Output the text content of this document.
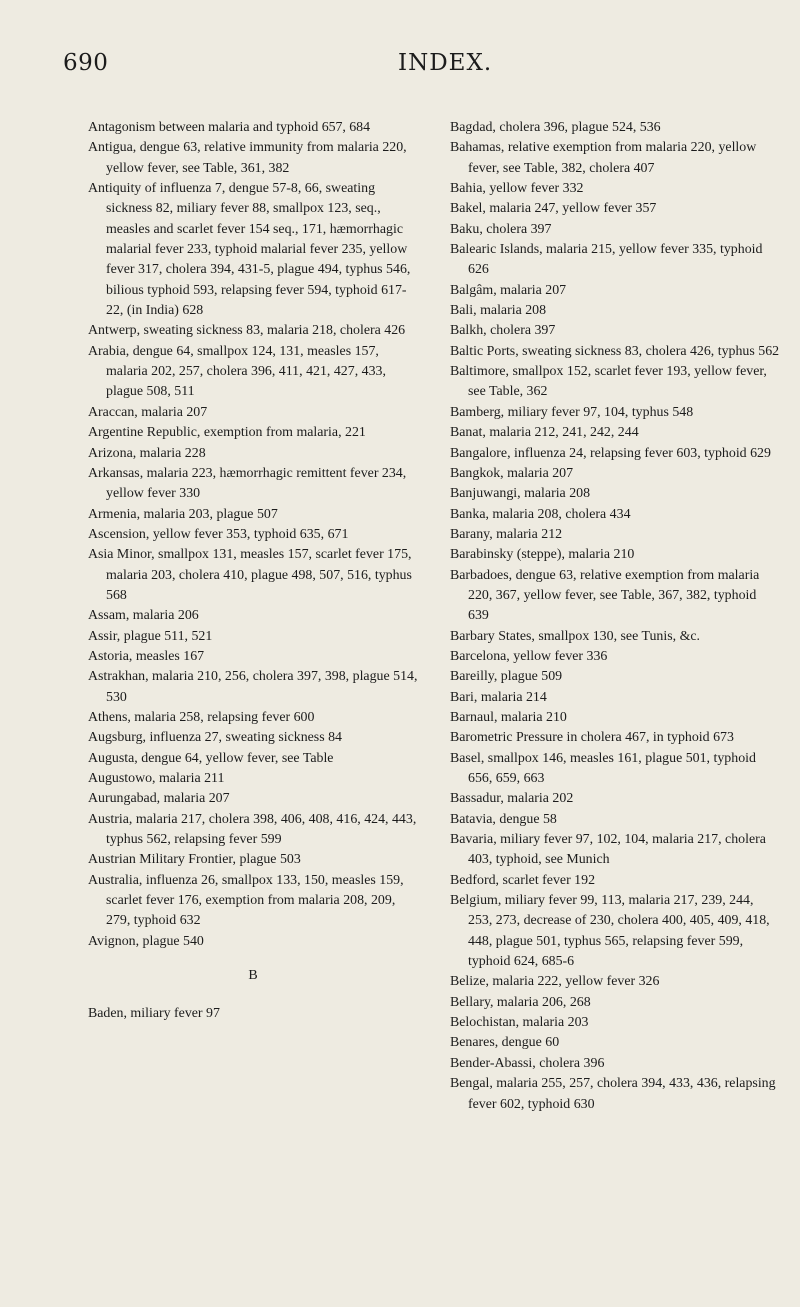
690	INDEX.

Antagonism between malaria and typhoid 657, 684

Antigua, dengue 63, relative immunity from malaria 220, yellow fever, see Table, 361, 382

Antiquity of influenza 7, dengue 57-8, 66, sweating sickness 82, miliary fever 88, smallpox 123, seq., measles and scarlet fever 154 seq., 171, hæmorrhagic malarial fever 233, typhoid malarial fever 235, yellow fever 317, cholera 394, 431-5, plague 494, typhus 546, bilious typhoid 593, relapsing fever 594, typhoid 617-22, (in India) 628

Antwerp, sweating sickness 83, malaria 218, cholera 426

Arabia, dengue 64, smallpox 124, 131, measles 157, malaria 202, 257, cholera 396, 411, 421, 427, 433, plague 508, 511

Araccan, malaria 207

Argentine Republic, exemption from malaria, 221

Arizona, malaria 228

Arkansas, malaria 223, hæmorrhagic remittent fever 234, yellow fever 330

Armenia, malaria 203, plague 507

Ascension, yellow fever 353, typhoid 635, 671

Asia Minor, smallpox 131, measles 157, scarlet fever 175, malaria 203, cholera 410, plague 498, 507, 516, typhus 568

Assam, malaria 206

Assir, plague 511, 521

Astoria, measles 167

Astrakhan, malaria 210, 256, cholera 397, 398, plague 514, 530

Athens, malaria 258, relapsing fever 600

Augsburg, influenza 27, sweating sickness 84

Augusta, dengue 64, yellow fever, see Table

Augustowo, malaria 211

Aurungabad, malaria 207

Austria, malaria 217, cholera 398, 406, 408, 416, 424, 443, typhus 562, relapsing fever 599

Austrian Military Frontier, plague 503

Australia, influenza 26, smallpox 133, 150, measles 159, scarlet fever 176, exemption from malaria 208, 209, 279, typhoid 632

Avignon, plague 540

B

Baden, miliary fever 97

Bagdad, cholera 396, plague 524, 536

Bahamas, relative exemption from malaria 220, yellow fever, see Table, 382, cholera 407

Bahia, yellow fever 332

Bakel, malaria 247, yellow fever 357

Baku, cholera 397

Balearic Islands, malaria 215, yellow fever 335, typhoid 626

Balgâm, malaria 207

Bali, malaria 208

Balkh, cholera 397

Baltic Ports, sweating sickness 83, cholera 426, typhus 562

Baltimore, smallpox 152, scarlet fever 193, yellow fever, see Table, 362

Bamberg, miliary fever 97, 104, typhus 548

Banat, malaria 212, 241, 242, 244

Bangalore, influenza 24, relapsing fever 603, typhoid 629

Bangkok, malaria 207

Banjuwangi, malaria 208

Banka, malaria 208, cholera 434

Barany, malaria 212

Barabinsky (steppe), malaria 210

Barbadoes, dengue 63, relative exemption from malaria 220, 367, yellow fever, see Table, 367, 382, typhoid 639

Barbary States, smallpox 130, see Tunis, &c.

Barcelona, yellow fever 336

Bareilly, plague 509

Bari, malaria 214

Barnaul, malaria 210

Barometric Pressure in cholera 467, in typhoid 673

Basel, smallpox 146, measles 161, plague 501, typhoid 656, 659, 663

Bassadur, malaria 202

Batavia, dengue 58

Bavaria, miliary fever 97, 102, 104, malaria 217, cholera 403, typhoid, see Munich

Bedford, scarlet fever 192

Belgium, miliary fever 99, 113, malaria 217, 239, 244, 253, 273, decrease of 230, cholera 400, 405, 409, 418, 448, plague 501, typhus 565, relapsing fever 599, typhoid 624, 685-6

Belize, malaria 222, yellow fever 326

Bellary, malaria 206, 268

Belochistan, malaria 203

Benares, dengue 60

Bender-Abassi, cholera 396

Bengal, malaria 255, 257, cholera 394, 433, 436, relapsing fever 602, typhoid 630
